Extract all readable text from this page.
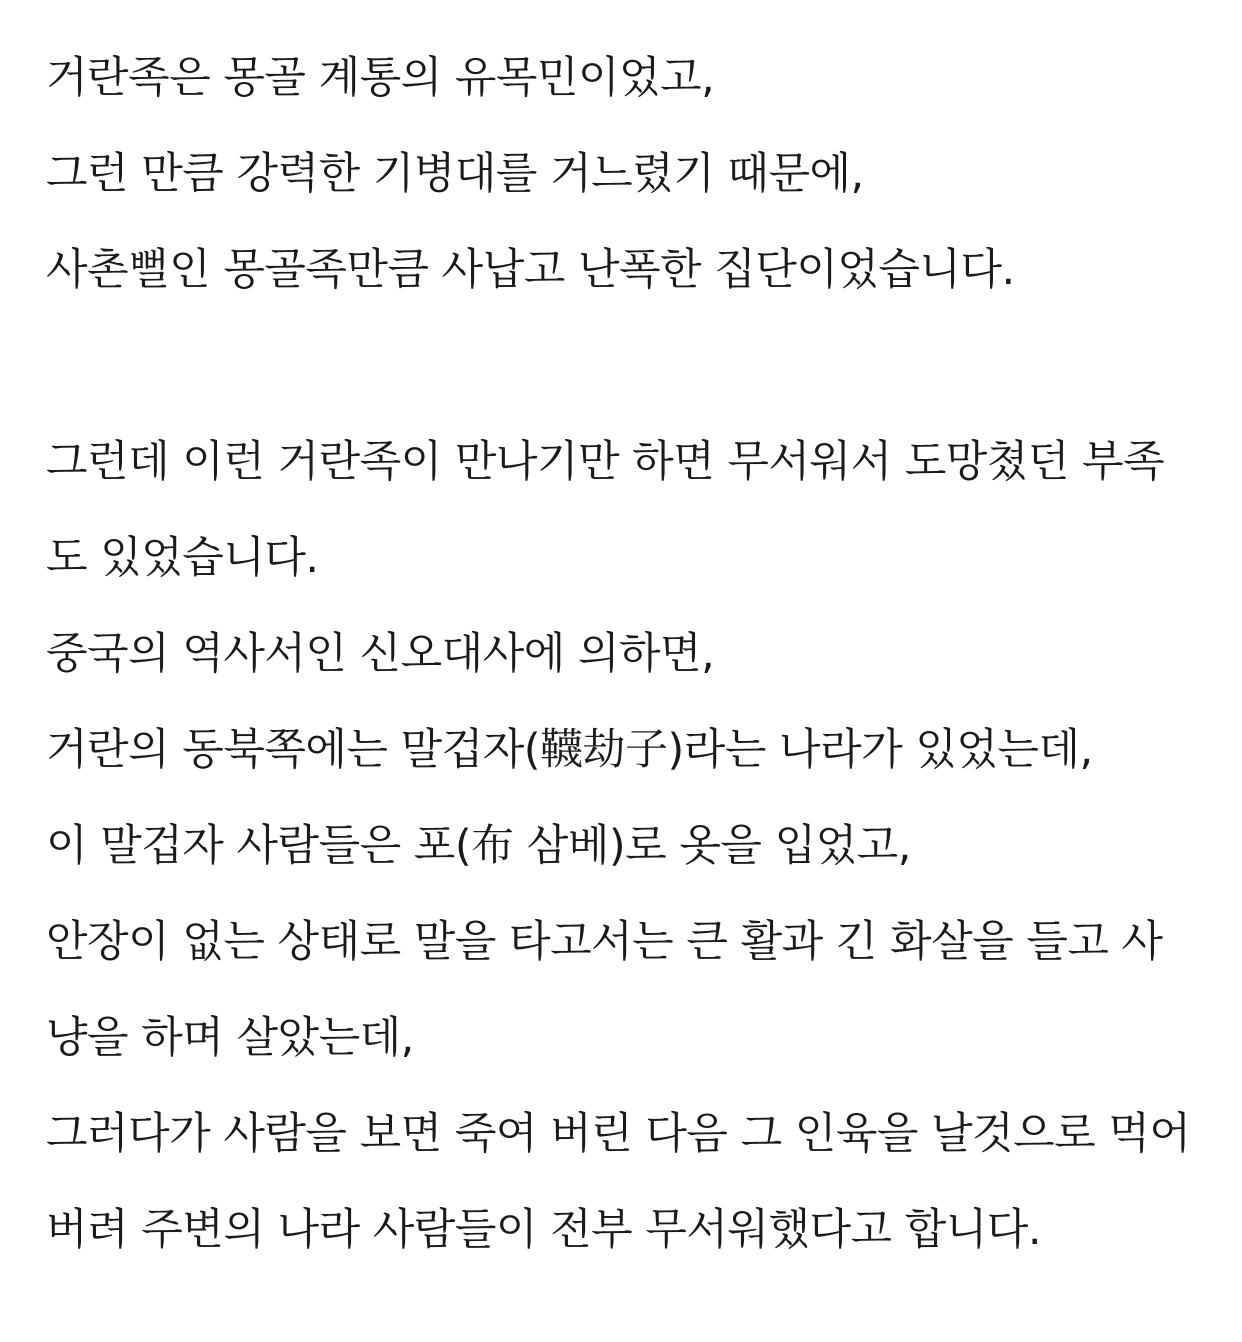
거란족은 몽골 계통의 유목민이었고,
그런 만큼 강력한 기병대를 거느렸기 때문에,
사촌뻘인 몽골족만큼 사납고 난폭한 집단이었습니다.
그런데 이런 거란족이 만나기만 하면 무서워서 도망쳤던 부족
도 있었습니다.
중국의 역사서인 신오대사에 의하면,
거란의 동북쪽에는 말겁자(韈劫子)라는 나라가 있었는데,
이 말겁자 사람들은 포(布 삼베)로 옷을 입었고,
안장이 없는 상태로 말을 타고서는 큰 활과 긴 화살을 들고 사
냥을 하며 살았는데,
그러다가 사람을 보면 죽여 버린 다음 그 인육을 날것으로 먹어
버려 주변의 나라 사람들이 전부 무서워했다고 합니다.
